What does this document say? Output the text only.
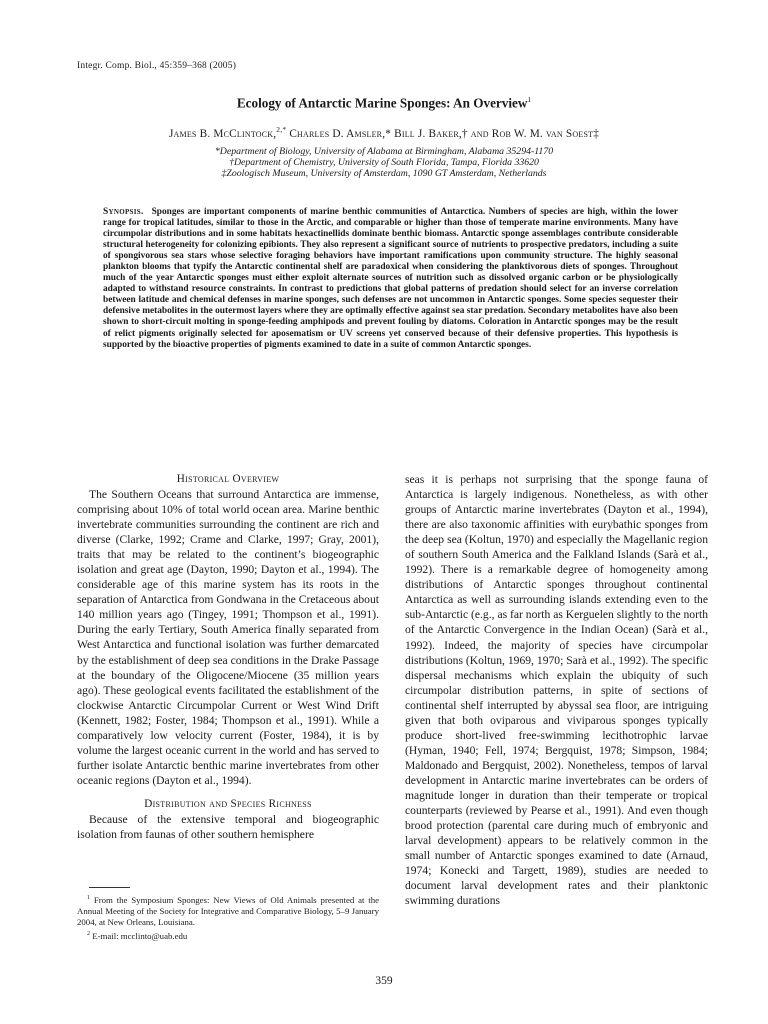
Integr. Comp. Biol., 45:359–368 (2005)
Ecology of Antarctic Marine Sponges: An Overview$^1$
James B. McClintock,$^{2,*}$ Charles D. Amsler,* Bill J. Baker,† and Rob W. M. van Soest‡
*Department of Biology, University of Alabama at Birmingham, Alabama 35294-1170
†Department of Chemistry, University of South Florida, Tampa, Florida 33620
‡Zoologisch Museum, University of Amsterdam, 1090 GT Amsterdam, Netherlands
Synopsis. Sponges are important components of marine benthic communities of Antarctica. Numbers of species are high, within the lower range for tropical latitudes, similar to those in the Arctic, and comparable or higher than those of temperate marine environments. Many have circumpolar distributions and in some habitats hexactinellids dominate benthic biomass. Antarctic sponge assemblages contribute considerable structural heterogeneity for colonizing epibionts. They also represent a significant source of nutrients to prospective predators, including a suite of spongivorous sea stars whose selective foraging behaviors have important ramifications upon community structure. The highly seasonal plankton blooms that typify the Antarctic continental shelf are paradoxical when considering the planktivorous diets of sponges. Throughout much of the year Antarctic sponges must either exploit alternate sources of nutrition such as dissolved organic carbon or be physiologically adapted to withstand resource constraints. In contrast to predictions that global patterns of predation should select for an inverse correlation between latitude and chemical defenses in marine sponges, such defenses are not uncommon in Antarctic sponges. Some species sequester their defensive metabolites in the outermost layers where they are optimally effective against sea star predation. Secondary metabolites have also been shown to short-circuit molting in sponge-feeding amphipods and prevent fouling by diatoms. Coloration in Antarctic sponges may be the result of relict pigments originally selected for aposematism or UV screens yet conserved because of their defensive properties. This hypothesis is supported by the bioactive properties of pigments examined to date in a suite of common Antarctic sponges.
Historical Overview

The Southern Oceans that surround Antarctica are immense, comprising about 10% of total world ocean area. Marine benthic invertebrate communities surrounding the continent are rich and diverse (Clarke, 1992; Crame and Clarke, 1997; Gray, 2001), traits that may be related to the continent’s biogeographic isolation and great age (Dayton, 1990; Dayton et al., 1994). The considerable age of this marine system has its roots in the separation of Antarctica from Gondwana in the Cretaceous about 140 million years ago (Tingey, 1991; Thompson et al., 1991). During the early Tertiary, South America finally separated from West Antarctica and functional isolation was further demarcated by the establishment of deep sea conditions in the Drake Passage at the boundary of the Oligocene/Miocene (35 million years ago). These geological events facilitated the establishment of the clockwise Antarctic Circumpolar Current or West Wind Drift (Kennett, 1982; Foster, 1984; Thompson et al., 1991). While a comparatively low velocity current (Foster, 1984), it is by volume the largest oceanic current in the world and has served to further isolate Antarctic benthic marine invertebrates from other oceanic regions (Dayton et al., 1994).

Distribution and Species Richness

Because of the extensive temporal and biogeographic isolation from faunas of other southern hemisphere

seas it is perhaps not surprising that the sponge fauna of Antarctica is largely indigenous. Nonetheless, as with other groups of Antarctic marine invertebrates (Dayton et al., 1994), there are also taxonomic affinities with eurybathic sponges from the deep sea (Koltun, 1970) and especially the Magellanic region of southern South America and the Falkland Islands (Sarà et al., 1992). There is a remarkable degree of homogeneity among distributions of Antarctic sponges throughout continental Antarctica as well as surrounding islands extending even to the sub-Antarctic (e.g., as far north as Kerguelen slightly to the north of the Antarctic Convergence in the Indian Ocean) (Sarà et al., 1992). Indeed, the majority of species have circumpolar distributions (Koltun, 1969, 1970; Sarà et al., 1992). The specific dispersal mechanisms which explain the ubiquity of such circumpolar distribution patterns, in spite of sections of continental shelf interrupted by abyssal sea floor, are intriguing given that both oviparous and viviparous sponges typically produce short-lived free-swimming lecithotrophic larvae (Hyman, 1940; Fell, 1974; Bergquist, 1978; Simpson, 1984; Maldonado and Bergquist, 2002). Nonetheless, tempos of larval development in Antarctic marine invertebrates can be orders of magnitude longer in duration than their temperate or tropical counterparts (reviewed by Pearse et al., 1991). And even though brood protection (parental care during much of embryonic and larval development) appears to be relatively common in the small number of Antarctic sponges examined to date (Arnaud, 1974; Konecki and Targett, 1989), studies are needed to document larval development rates and their planktonic swimming durations

$^1$ From the Symposium Sponges: New Views of Old Animals presented at the Annual Meeting of the Society for Integrative and Comparative Biology, 5–9 January 2004, at New Orleans, Louisiana.

$^2$ E-mail: mcclinto@uab.edu

359
